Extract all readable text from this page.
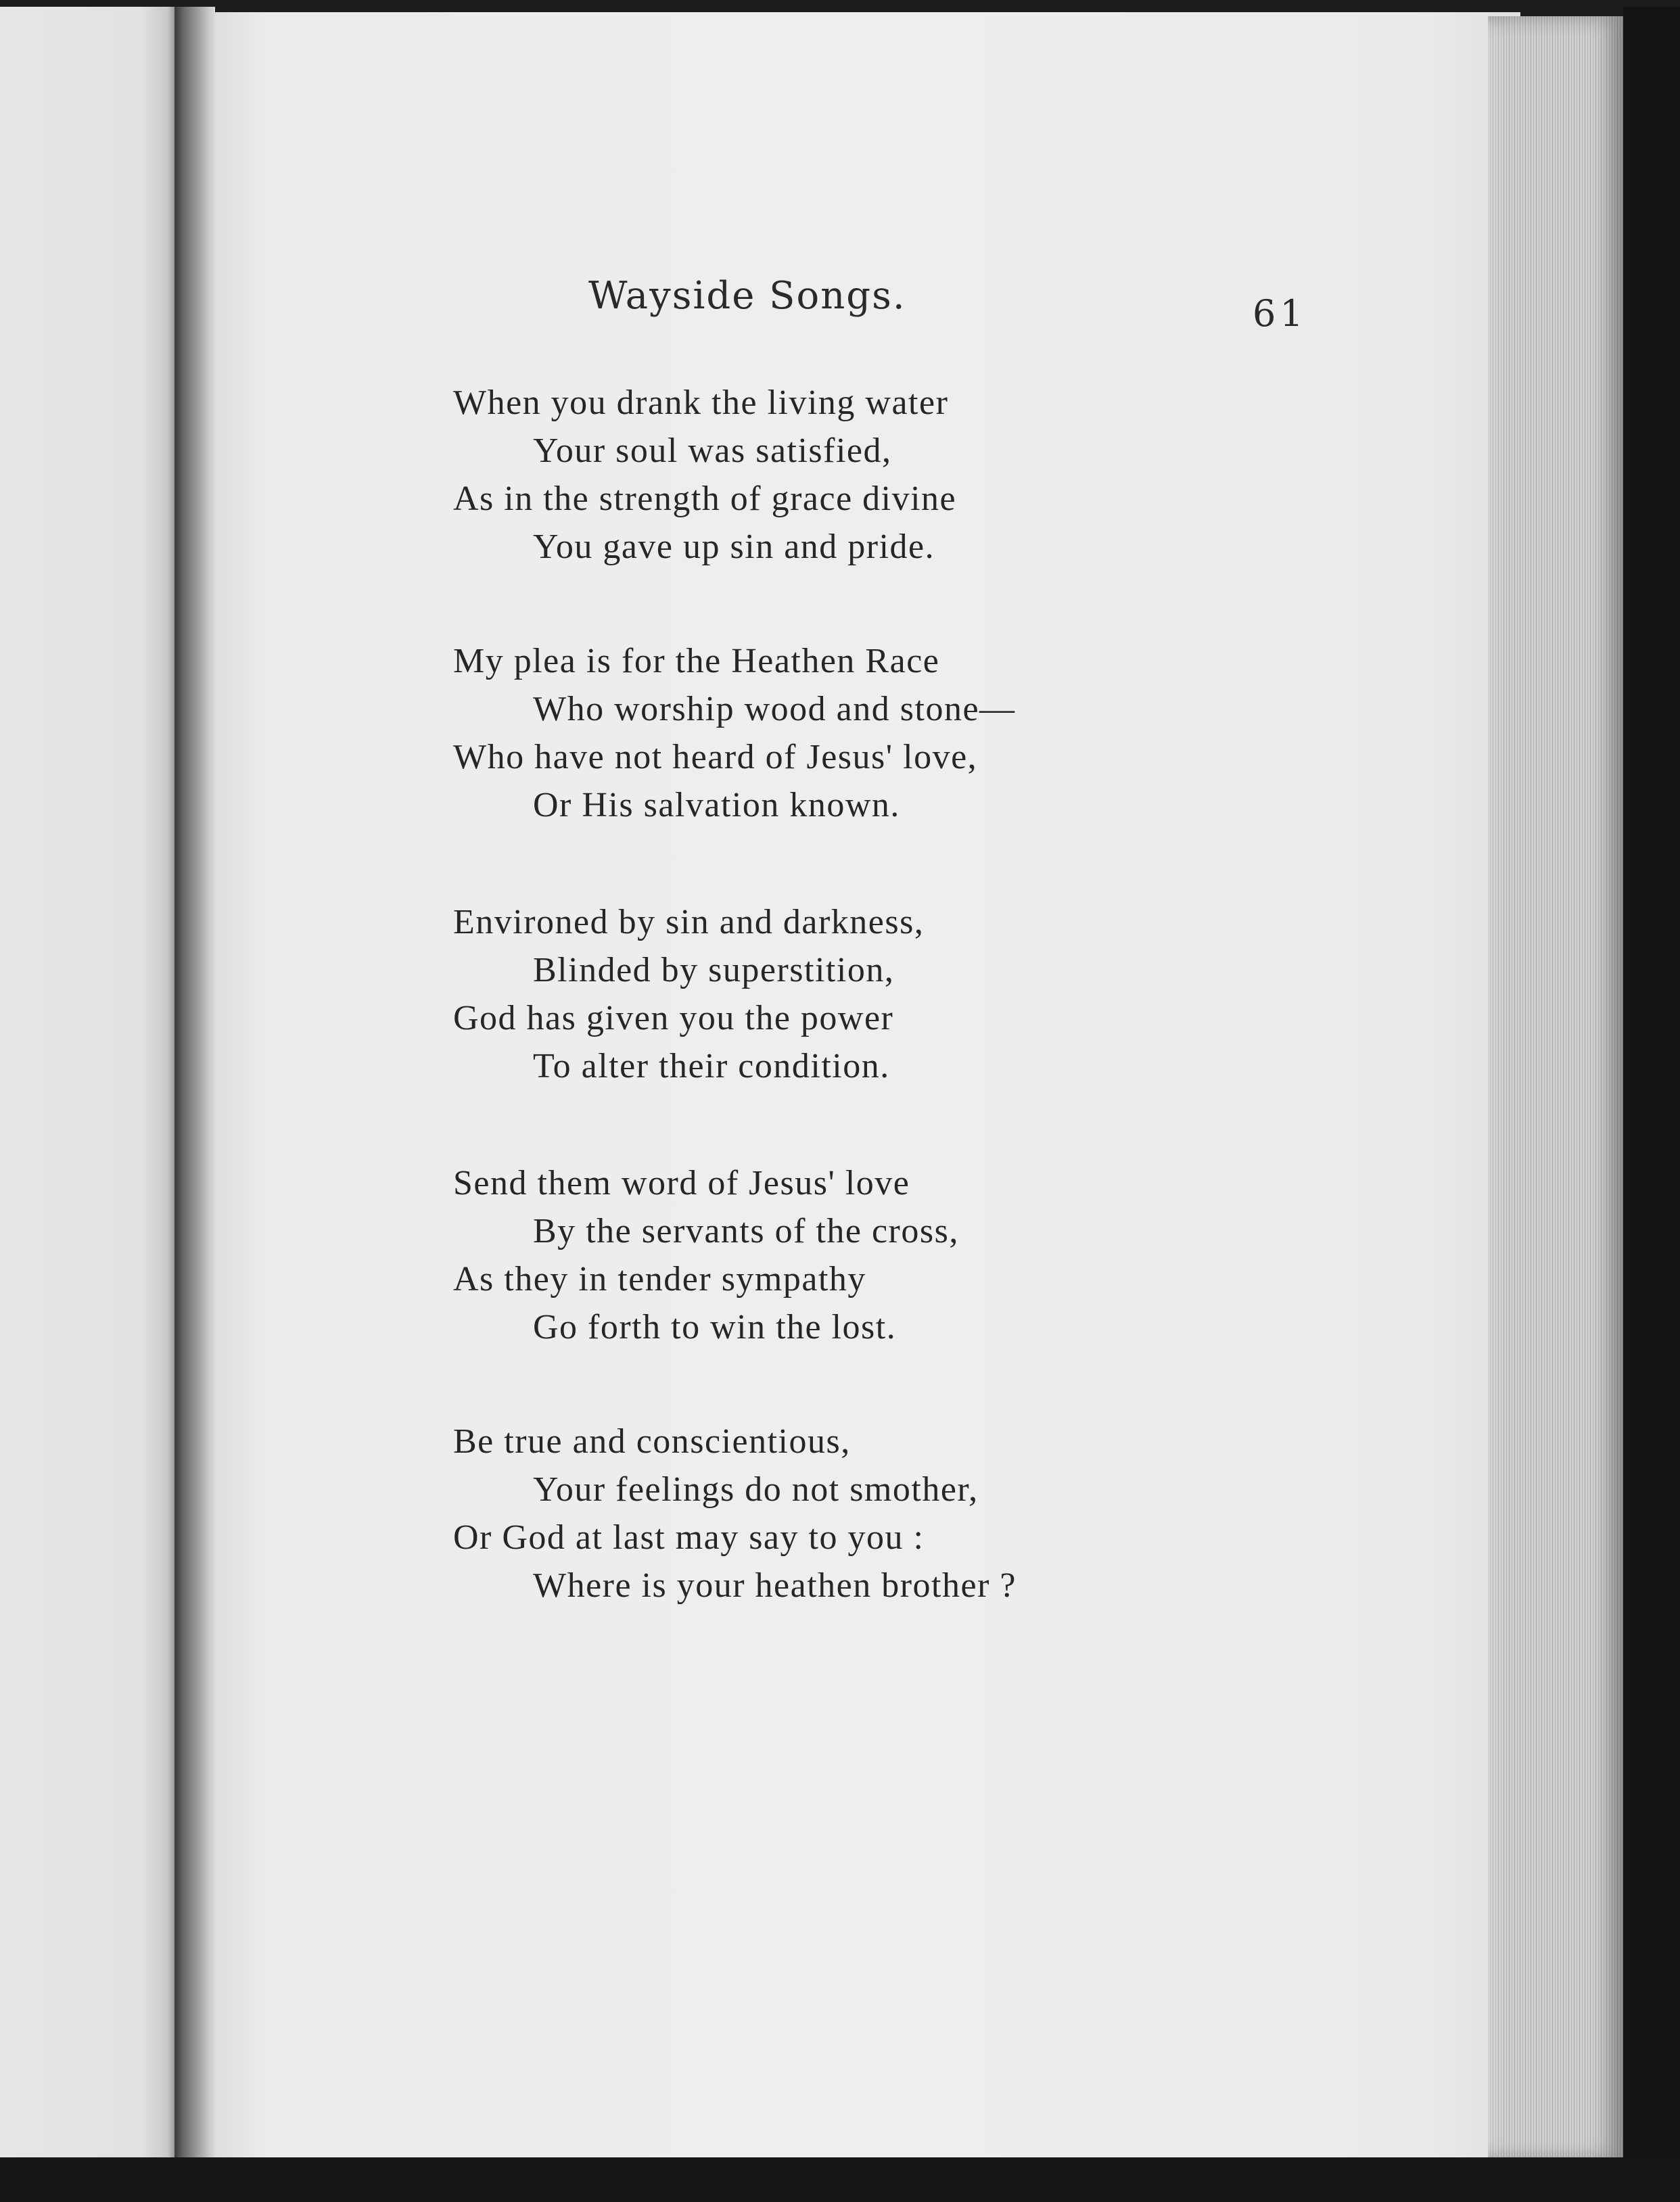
Wayside Songs.	61
When you drank the living water
Your soul was satisfied,
As in the strength of grace divine
You gave up sin and pride.
My plea is for the Heathen Race
Who worship wood and stone—
Who have not heard of Jesus' love,
Or His salvation known.
Environed by sin and darkness,
Blinded by superstition,
God has given you the power
To alter their condition.
Send them word of Jesus' love
By the servants of the cross,
As they in tender sympathy
Go forth to win the lost.
Be true and conscientious,
Your feelings do not smother,
Or God at last may say to you :
Where is your heathen brother ?
